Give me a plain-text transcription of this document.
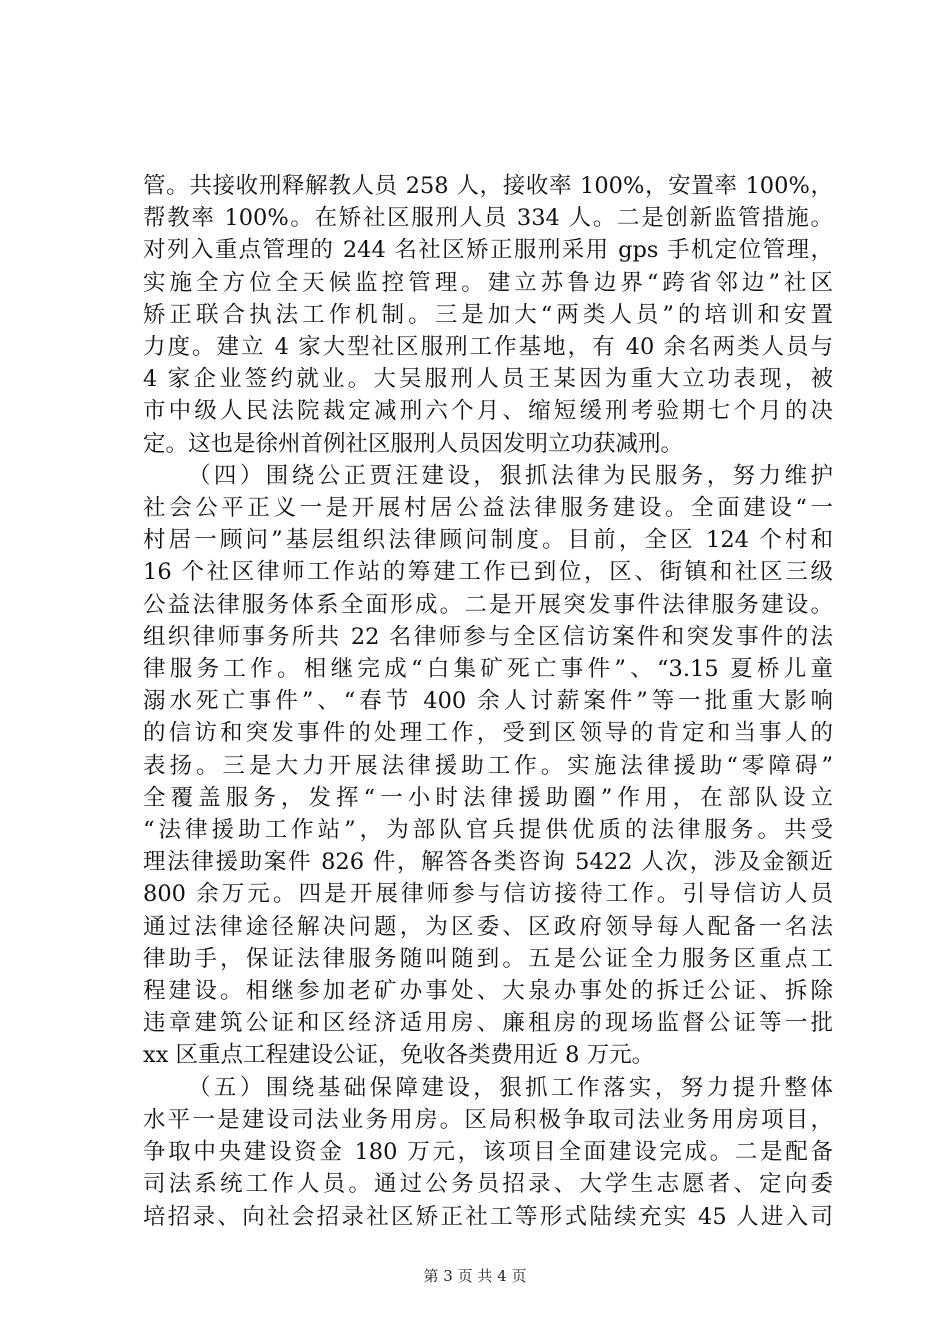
管。共接收刑释解教人员 258 人，接收率 100%，安置率 100%，
帮教率 100%。在矫社区服刑人员 334 人。二是创新监管措施。
对列入重点管理的 244 名社区矫正服刑采用 gps 手机定位管理，
实施全方位全天候监控管理。建立苏鲁边界“跨省邻边”社区
矫正联合执法工作机制。三是加大“两类人员”的培训和安置
力度。建立 4 家大型社区服刑工作基地，有 40 余名两类人员与
4 家企业签约就业。大吴服刑人员王某因为重大立功表现，被
市中级人民法院裁定减刑六个月、缩短缓刑考验期七个月的决
定。这也是徐州首例社区服刑人员因发明立功获减刑。
（四）围绕公正贾汪建设，狠抓法律为民服务，努力维护
社会公平正义一是开展村居公益法律服务建设。全面建设“一
村居一顾问”基层组织法律顾问制度。目前，全区 124 个村和
16 个社区律师工作站的筹建工作已到位，区、街镇和社区三级
公益法律服务体系全面形成。二是开展突发事件法律服务建设。
组织律师事务所共 22 名律师参与全区信访案件和突发事件的法
律服务工作。相继完成“白集矿死亡事件”、“3.15 夏桥儿童
溺水死亡事件”、“春节 400 余人讨薪案件”等一批重大影响
的信访和突发事件的处理工作，受到区领导的肯定和当事人的
表扬。三是大力开展法律援助工作。实施法律援助“零障碍”
全覆盖服务，发挥“一小时法律援助圈”作用，在部队设立
“法律援助工作站”，为部队官兵提供优质的法律服务。共受
理法律援助案件 826 件，解答各类咨询 5422 人次，涉及金额近
800 余万元。四是开展律师参与信访接待工作。引导信访人员
通过法律途径解决问题，为区委、区政府领导每人配备一名法
律助手，保证法律服务随叫随到。五是公证全力服务区重点工
程建设。相继参加老矿办事处、大泉办事处的拆迁公证、拆除
违章建筑公证和区经济适用房、廉租房的现场监督公证等一批
xx 区重点工程建设公证，免收各类费用近 8 万元。
（五）围绕基础保障建设，狠抓工作落实，努力提升整体
水平一是建设司法业务用房。区局积极争取司法业务用房项目，
争取中央建设资金 180 万元，该项目全面建设完成。二是配备
司法系统工作人员。通过公务员招录、大学生志愿者、定向委
培招录、向社会招录社区矫正社工等形式陆续充实 45 人进入司
第 3 页 共 4 页
